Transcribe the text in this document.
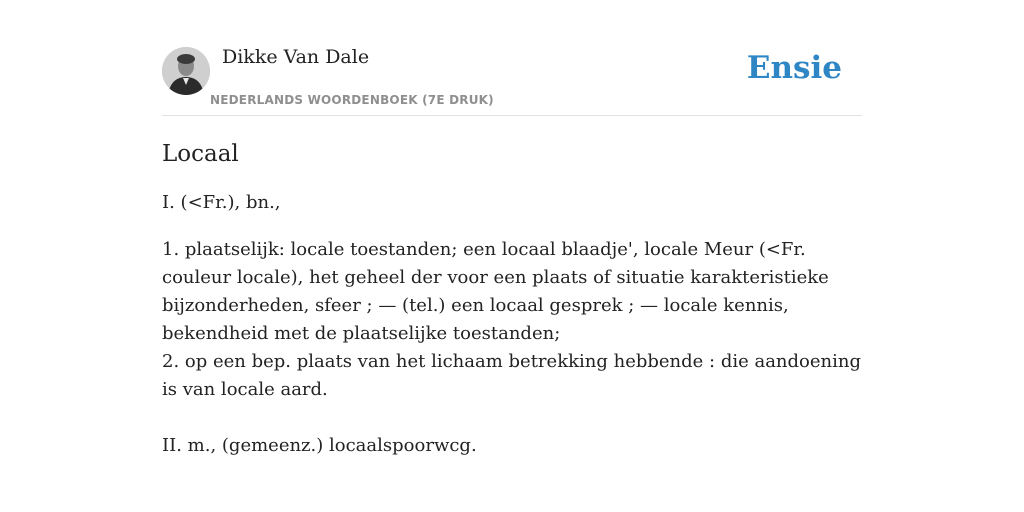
Dikke Van Dale
NEDERLANDS WOORDENBOEK (7E DRUK)
Ensie
Locaal

I. (<Fr.), bn.,

1. plaatselijk: locale toestanden; een locaal blaadje', locale Meur (<Fr. couleur locale), het geheel der voor een plaats of situatie karakteristieke bijzonderheden, sfeer ; — (tel.) een locaal gesprek ; — locale kennis, bekendheid met de plaatselijke toestanden;

2. op een bep. plaats van het lichaam betrekking hebbende : die aandoening is van locale aard.

II. m., (gemeenz.) locaalspoorwcg.
